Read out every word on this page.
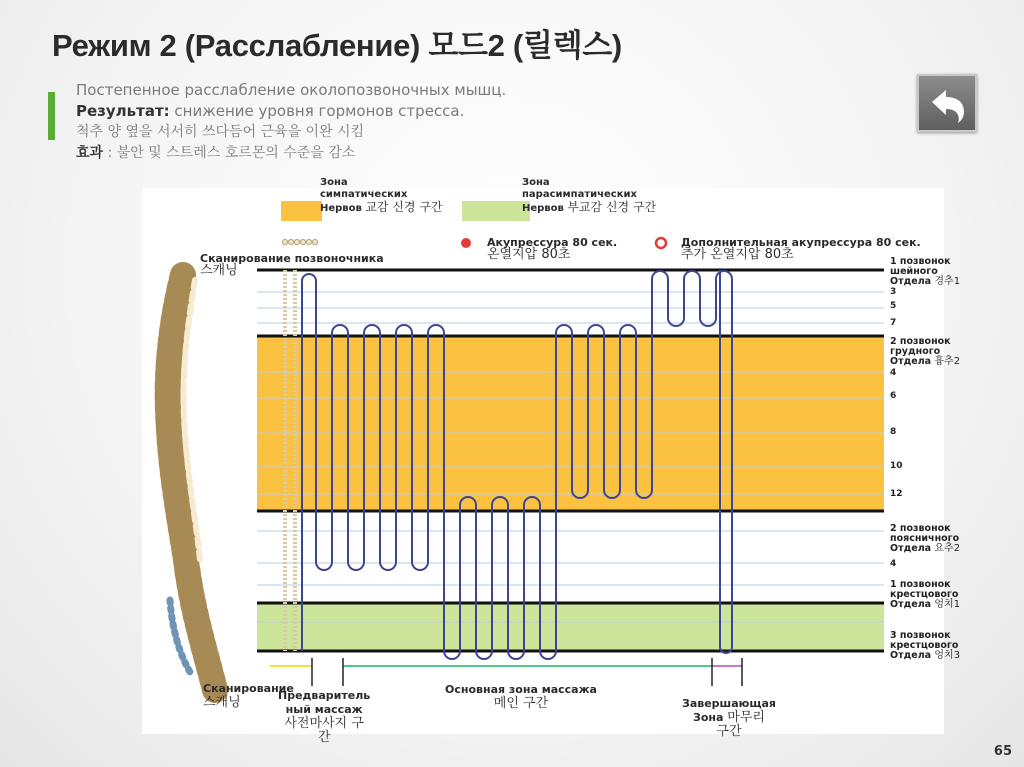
Режим 2 (Расслабление) 모드2 (릴렉스)
Постепенное расслабление околопозвоночных мышц.
Результат: снижение уровня гормонов стресса.
척추 양 옆을 서서히 쓰다듬어 근육을 이완 시킴
효과 : 불안 및 스트레스 호르몬의 수준을 감소
Зона
симпатических
Нервов 교감 신경 구간
Зона
парасимпатических
Нервов 부교감 신경 구간
Сканирование позвоночника
스캐닝
Акупрессура 80 сек.
온열지압 80초
Дополнительная акупрессура 80 сек.
추가 온열지압 80초	1 позвонок
шейного
Отдела 경추1
3
5
7
2 позвонок
грудного
Отдела 흉추2
4
6
8
10
12
2 позвонок
поясничного
Отдела 요추2
4
1 позвонок
крестцового
Отдела 엉치1
3 позвонок
крестцового
Отдела 엉치3
Сканирование
스캐닝	Предваритель
ный массаж
사전마사지 구
간
Основная зона массажа
메인 구간	Завершающая
Зона 마무리
구간
65
